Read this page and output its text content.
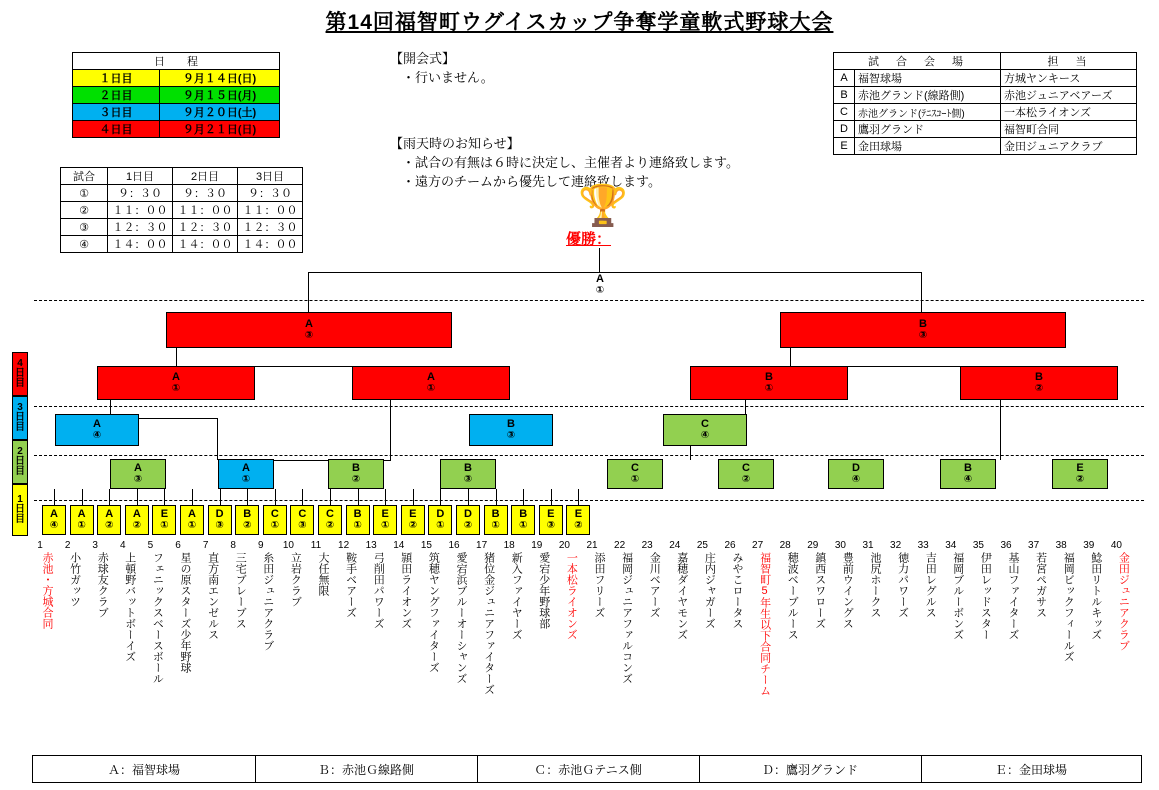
第14回福智町ウグイスカップ争奪学童軟式野球大会
日　　程	
１日目	９月１４日(日)
２日目	９月１５日(月)
３日目	９月２０日(土)
４日目	９月２１日(日)
試合	1日目	2日目	3日目
①	９：３０	９：３０	９：３０
②	１１：００	１１：００	１１：００
③	１２：３０	１２：３０	１２：３０
④	１４：００	１４：００	１４：００
試　合　会　場		担　当
A	福智球場	方城ヤンキース
B	赤池グランド(線路側)	赤池ジュニアベアーズ
C	赤池グランド(ﾃﾆｽｺｰﾄ側)	一本松ライオンズ
D	鷹羽グランド	福智町合同
E	金田球場	金田ジュニアクラブ
【開会式】
・行いません。
【雨天時のお知らせ】
・試合の有無は６時に決定し、主催者より連絡致します。
・遠方のチームから優先して連絡致します。
🏆
優勝：
4日目
3日目
2日目
1日目
A
①
A
③
B
③
A
①
A
①
B
①
B
②
A
④
B
③
C
④
A
③
A
①
B
②
B
③
C
①
C
②
D
④
B
④
E
②
A
④
A
①
A
②
A
②
E
①
A
①
D
③
B
②
C
①
C
③
C
②
B
①
E
①
E
②
D
①
D
②
B
①
B
①
E
③
E
②
1
赤池・方城合同
2
小竹ガッツ
3
赤球友クラブ
4
上頓野バットボーイズ
5
フェニックスベースボール
6
星の原スターズ少年野球
7
直方南エンゼルス
8
三宅ブレーブス
9
糸田ジュニアクラブ
10
立岩クラブ
11
大任無限
12
鞍手ベアーズ
13
弓削田パワーズ
14
頴田ライオンズ
15
筑穂ヤングファイターズ
16
愛宕浜ブルーオーシャンズ
17
猪位金ジュニアファイターズ
18
新入ファイヤーズ
19
愛宕少年野球部
20
一本松ライオンズ
21
添田フリーズ
22
福岡ジュニアファルコンズ
23
金川ベアーズ
24
嘉穂ダイヤモンズ
25
庄内ジャガーズ
26
みやこロータス
27
福智町5年生以下合同チーム
28
穂波ベーブルース
29
鎮西スワローズ
30
豊前ウイングス
31
池尻ホークス
32
徳力パワーズ
33
吉田レグルス
34
福岡ブルーボンズ
35
伊田レッドスター
36
基山ファイターズ
37
若宮ペガサス
38
福岡ビックフィールズ
39
鯰田リトルキッズ
40
金田ジュニアクラブ
Ａ：福智球場	Ｂ：赤池Ｇ線路側	Ｃ：赤池Ｇテニス側	Ｄ：鷹羽グランド	Ｅ：金田球場
